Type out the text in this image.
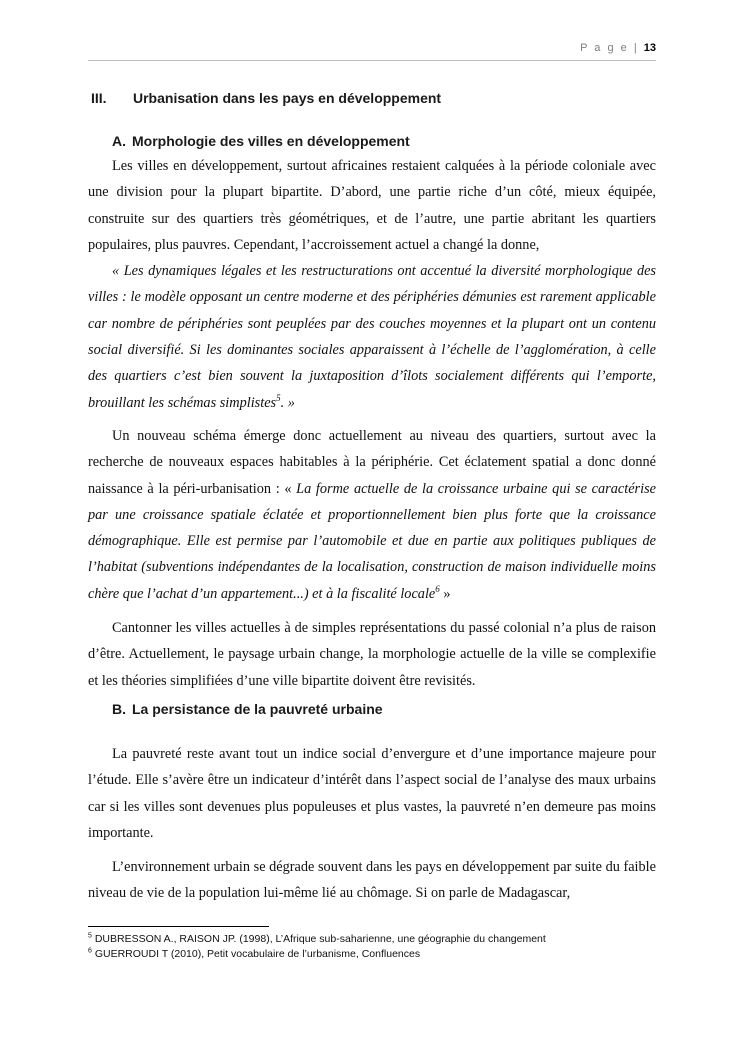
P a g e | 13
III. Urbanisation dans les pays en développement
A. Morphologie des villes en développement

Les villes en développement, surtout africaines restaient calquées à la période coloniale avec une division pour la plupart bipartite. D’abord, une partie riche d’un côté, mieux équipée, construite sur des quartiers très géométriques, et de l’autre, une partie abritant les quartiers populaires, plus pauvres. Cependant, l’accroissement actuel a changé la donne,

« Les dynamiques légales et les restructurations ont accentué la diversité morphologique des villes : le modèle opposant un centre moderne et des périphéries démunies est rarement applicable car nombre de périphéries sont peuplées par des couches moyennes et la plupart ont un contenu social diversifié. Si les dominantes sociales apparaissent à l’échelle de l’agglomération, à celle des quartiers c’est bien souvent la juxtaposition d’îlots socialement différents qui l’emporte, brouillant les schémas simplistes$^5$. »

Un nouveau schéma émerge donc actuellement au niveau des quartiers, surtout avec la recherche de nouveaux espaces habitables à la périphérie. Cet éclatement spatial a donc donné naissance à la péri-urbanisation : « La forme actuelle de la croissance urbaine qui se caractérise par une croissance spatiale éclatée et proportionnellement bien plus forte que la croissance démographique. Elle est permise par l’automobile et due en partie aux politiques publiques de l’habitat (subventions indépendantes de la localisation, construction de maison individuelle moins chère que l’achat d’un appartement...) et à la fiscalité locale$^6$ »

Cantonner les villes actuelles à de simples représentations du passé colonial n’a plus de raison d’être. Actuellement, le paysage urbain change, la morphologie actuelle de la ville se complexifie et les théories simplifiées d’une ville bipartite doivent être revisités.

B. La persistance de la pauvreté urbaine

La pauvreté reste avant tout un indice social d’envergure et d’une importance majeure pour l’étude. Elle s’avère être un indicateur d’intérêt dans l’aspect social de l’analyse des maux urbains car si les villes sont devenues plus populeuses et plus vastes, la pauvreté n’en demeure pas moins importante.

L’environnement urbain se dégrade souvent dans les pays en développement par suite du faible niveau de vie de la population lui-même lié au chômage. Si on parle de Madagascar,

$^5$ DUBRESSON A., RAISON JP. (1998), L’Afrique sub-saharienne, une géographie du changement
$^6$ GUERROUDI T (2010), Petit vocabulaire de l’urbanisme, Confluences
